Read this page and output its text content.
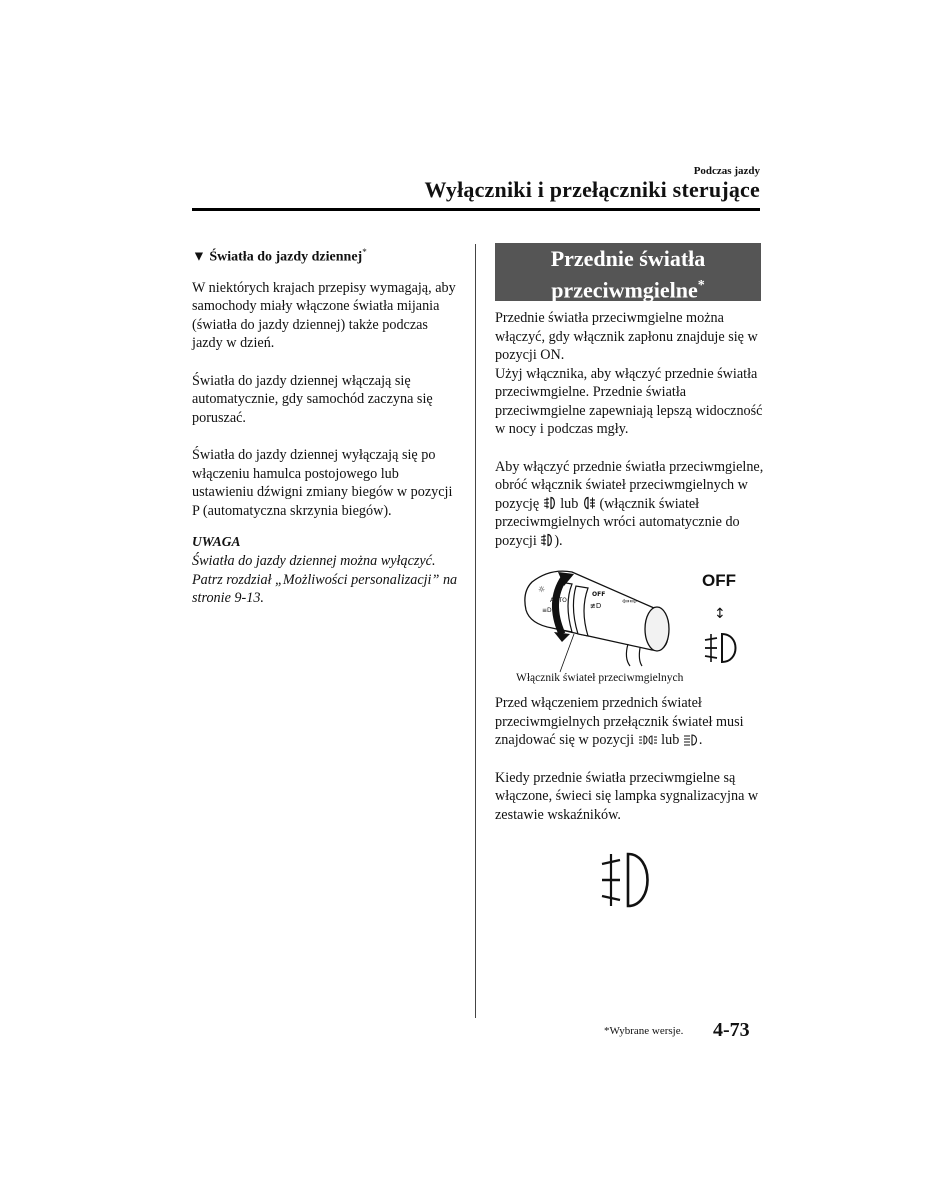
Podczas jazdy
Wyłączniki i przełączniki sterujące
▼ Światła do jazdy dziennej*

W niektórych krajach przepisy wymagają, aby samochody miały włączone światła mijania (światła do jazdy dziennej) także podczas jazdy w dzień.

Światła do jazdy dziennej włączają się automatycznie, gdy samochód zaczyna się poruszać.

Światła do jazdy dziennej wyłączają się po włączeniu hamulca postojowego lub ustawieniu dźwigni zmiany biegów w pozycji P (automatyczna skrzynia biegów).

UWAGA
Światła do jazdy dziennej można wyłączyć. Patrz rozdział „Możliwości personalizacji” na stronie 9-13.
Przednie światła
przeciwmgielne*

Przednie światła przeciwmgielne można włączyć, gdy włącznik zapłonu znajduje się w pozycji ON.

Użyj włącznika, aby włączyć przednie światła przeciwmgielne. Przednie światła przeciwmgielne zapewniają lepszą widoczność w nocy i podczas mgły.

Aby włączyć przednie światła przeciwmgielne, obróć włącznik świateł przeciwmgielnych w pozycję lub (włącznik świateł przeciwmgielnych wróci automatycznie do pozycji ).

☼
AUTO
≡D
OFF
≢D ⇦⇨
OFF
↕
Włącznik świateł przeciwmgielnych

Przed włączeniem przednich świateł przeciwmgielnych przełącznik świateł musi znajdować się w pozycji lub .

Kiedy przednie światła przeciwmgielne są włączone, świeci się lampka sygnalizacyjna w zestawie wskaźników.

*Wybrane wersje. 4-73
